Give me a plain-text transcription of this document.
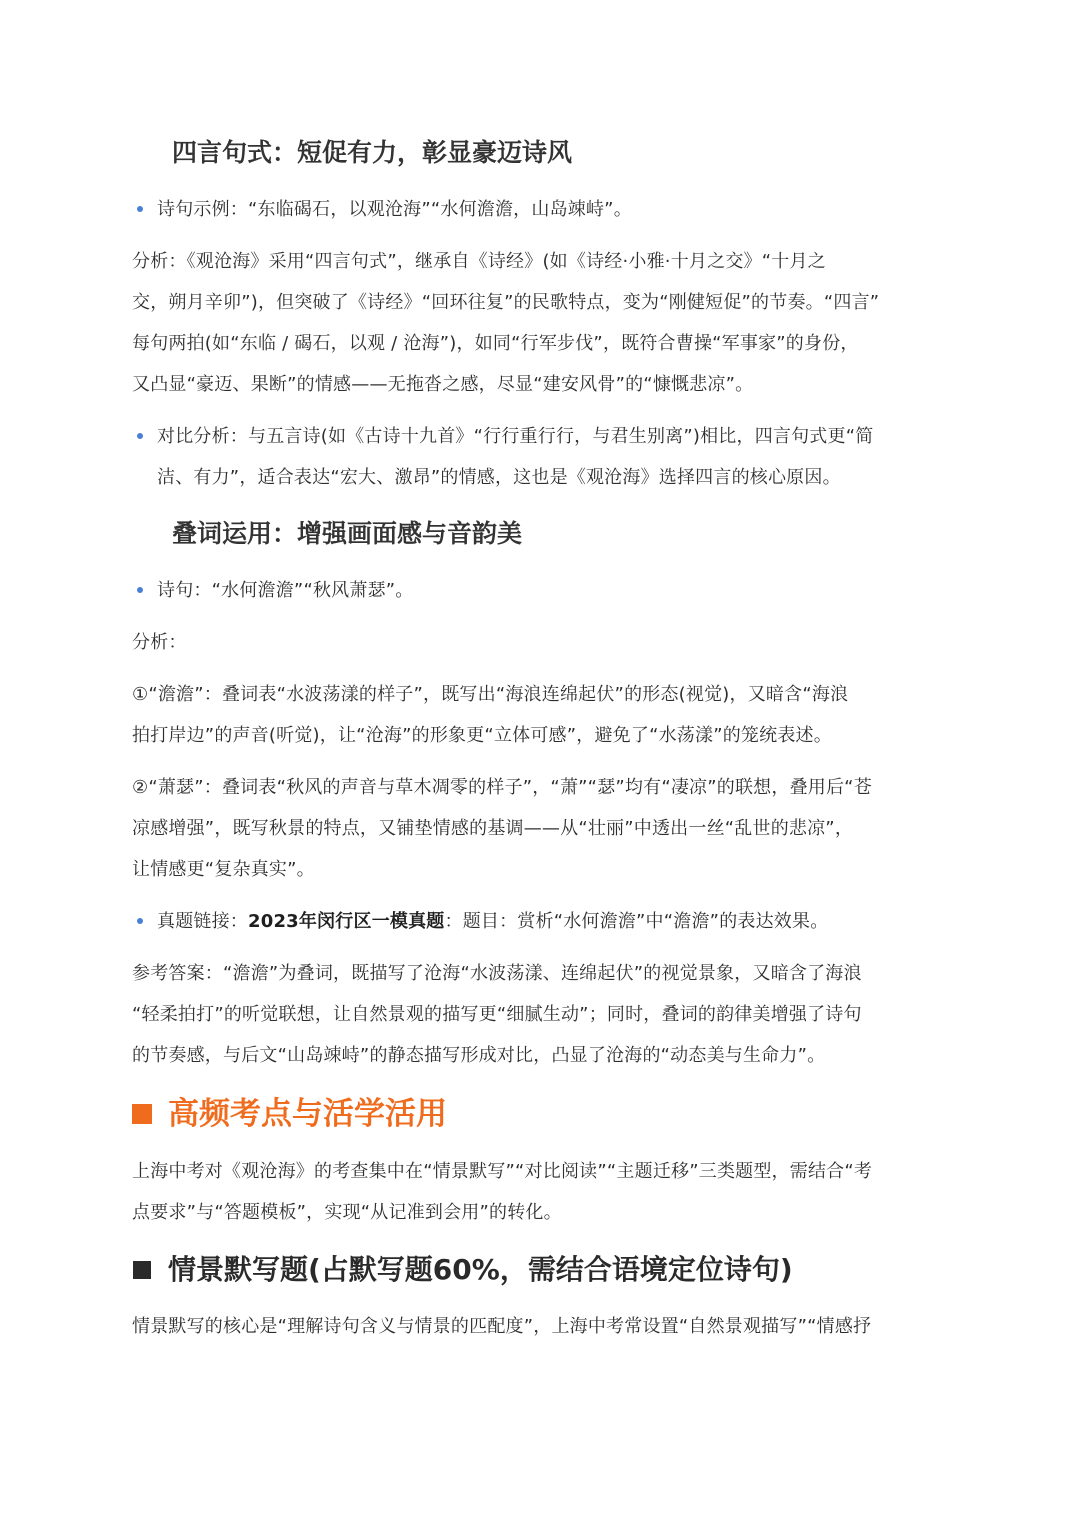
四言句式：短促有力，彰显豪迈诗风
诗句示例：“东临碣石，以观沧海”“水何澹澹，山岛竦峙”。
分析：《观沧海》采用“四言句式”，继承自《诗经》(如《诗经·小雅·十月之交》“十月之
交，朔月辛卯”)，但突破了《诗经》“回环往复”的民歌特点，变为“刚健短促”的节奏。“四言”
每句两拍(如“东临 / 碣石，以观 / 沧海”)，如同“行军步伐”，既符合曹操“军事家”的身份，
又凸显“豪迈、果断”的情感——无拖沓之感，尽显“建安风骨”的“慷慨悲凉”。
对比分析：与五言诗(如《古诗十九首》“行行重行行，与君生别离”)相比，四言句式更“简
洁、有力”，适合表达“宏大、激昂”的情感，这也是《观沧海》选择四言的核心原因。
叠词运用：增强画面感与音韵美
诗句：“水何澹澹”“秋风萧瑟”。
分析：
①“澹澹”：叠词表“水波荡漾的样子”，既写出“海浪连绵起伏”的形态(视觉)，又暗含“海浪
拍打岸边”的声音(听觉)，让“沧海”的形象更“立体可感”，避免了“水荡漾”的笼统表述。
②“萧瑟”：叠词表“秋风的声音与草木凋零的样子”，“萧”“瑟”均有“凄凉”的联想，叠用后“苍
凉感增强”，既写秋景的特点，又铺垫情感的基调——从“壮丽”中透出一丝“乱世的悲凉”，
让情感更“复杂真实”。
真题链接：2023年闵行区一模真题：题目：赏析“水何澹澹”中“澹澹”的表达效果。
参考答案：“澹澹”为叠词，既描写了沧海“水波荡漾、连绵起伏”的视觉景象，又暗含了海浪
“轻柔拍打”的听觉联想，让自然景观的描写更“细腻生动”；同时，叠词的韵律美增强了诗句
的节奏感，与后文“山岛竦峙”的静态描写形成对比，凸显了沧海的“动态美与生命力”。
高频考点与活学活用
上海中考对《观沧海》的考查集中在“情景默写”“对比阅读”“主题迁移”三类题型，需结合“考
点要求”与“答题模板”，实现“从记准到会用”的转化。
情景默写题(占默写题60%，需结合语境定位诗句)
情景默写的核心是“理解诗句含义与情景的匹配度”，上海中考常设置“自然景观描写”“情感抒
